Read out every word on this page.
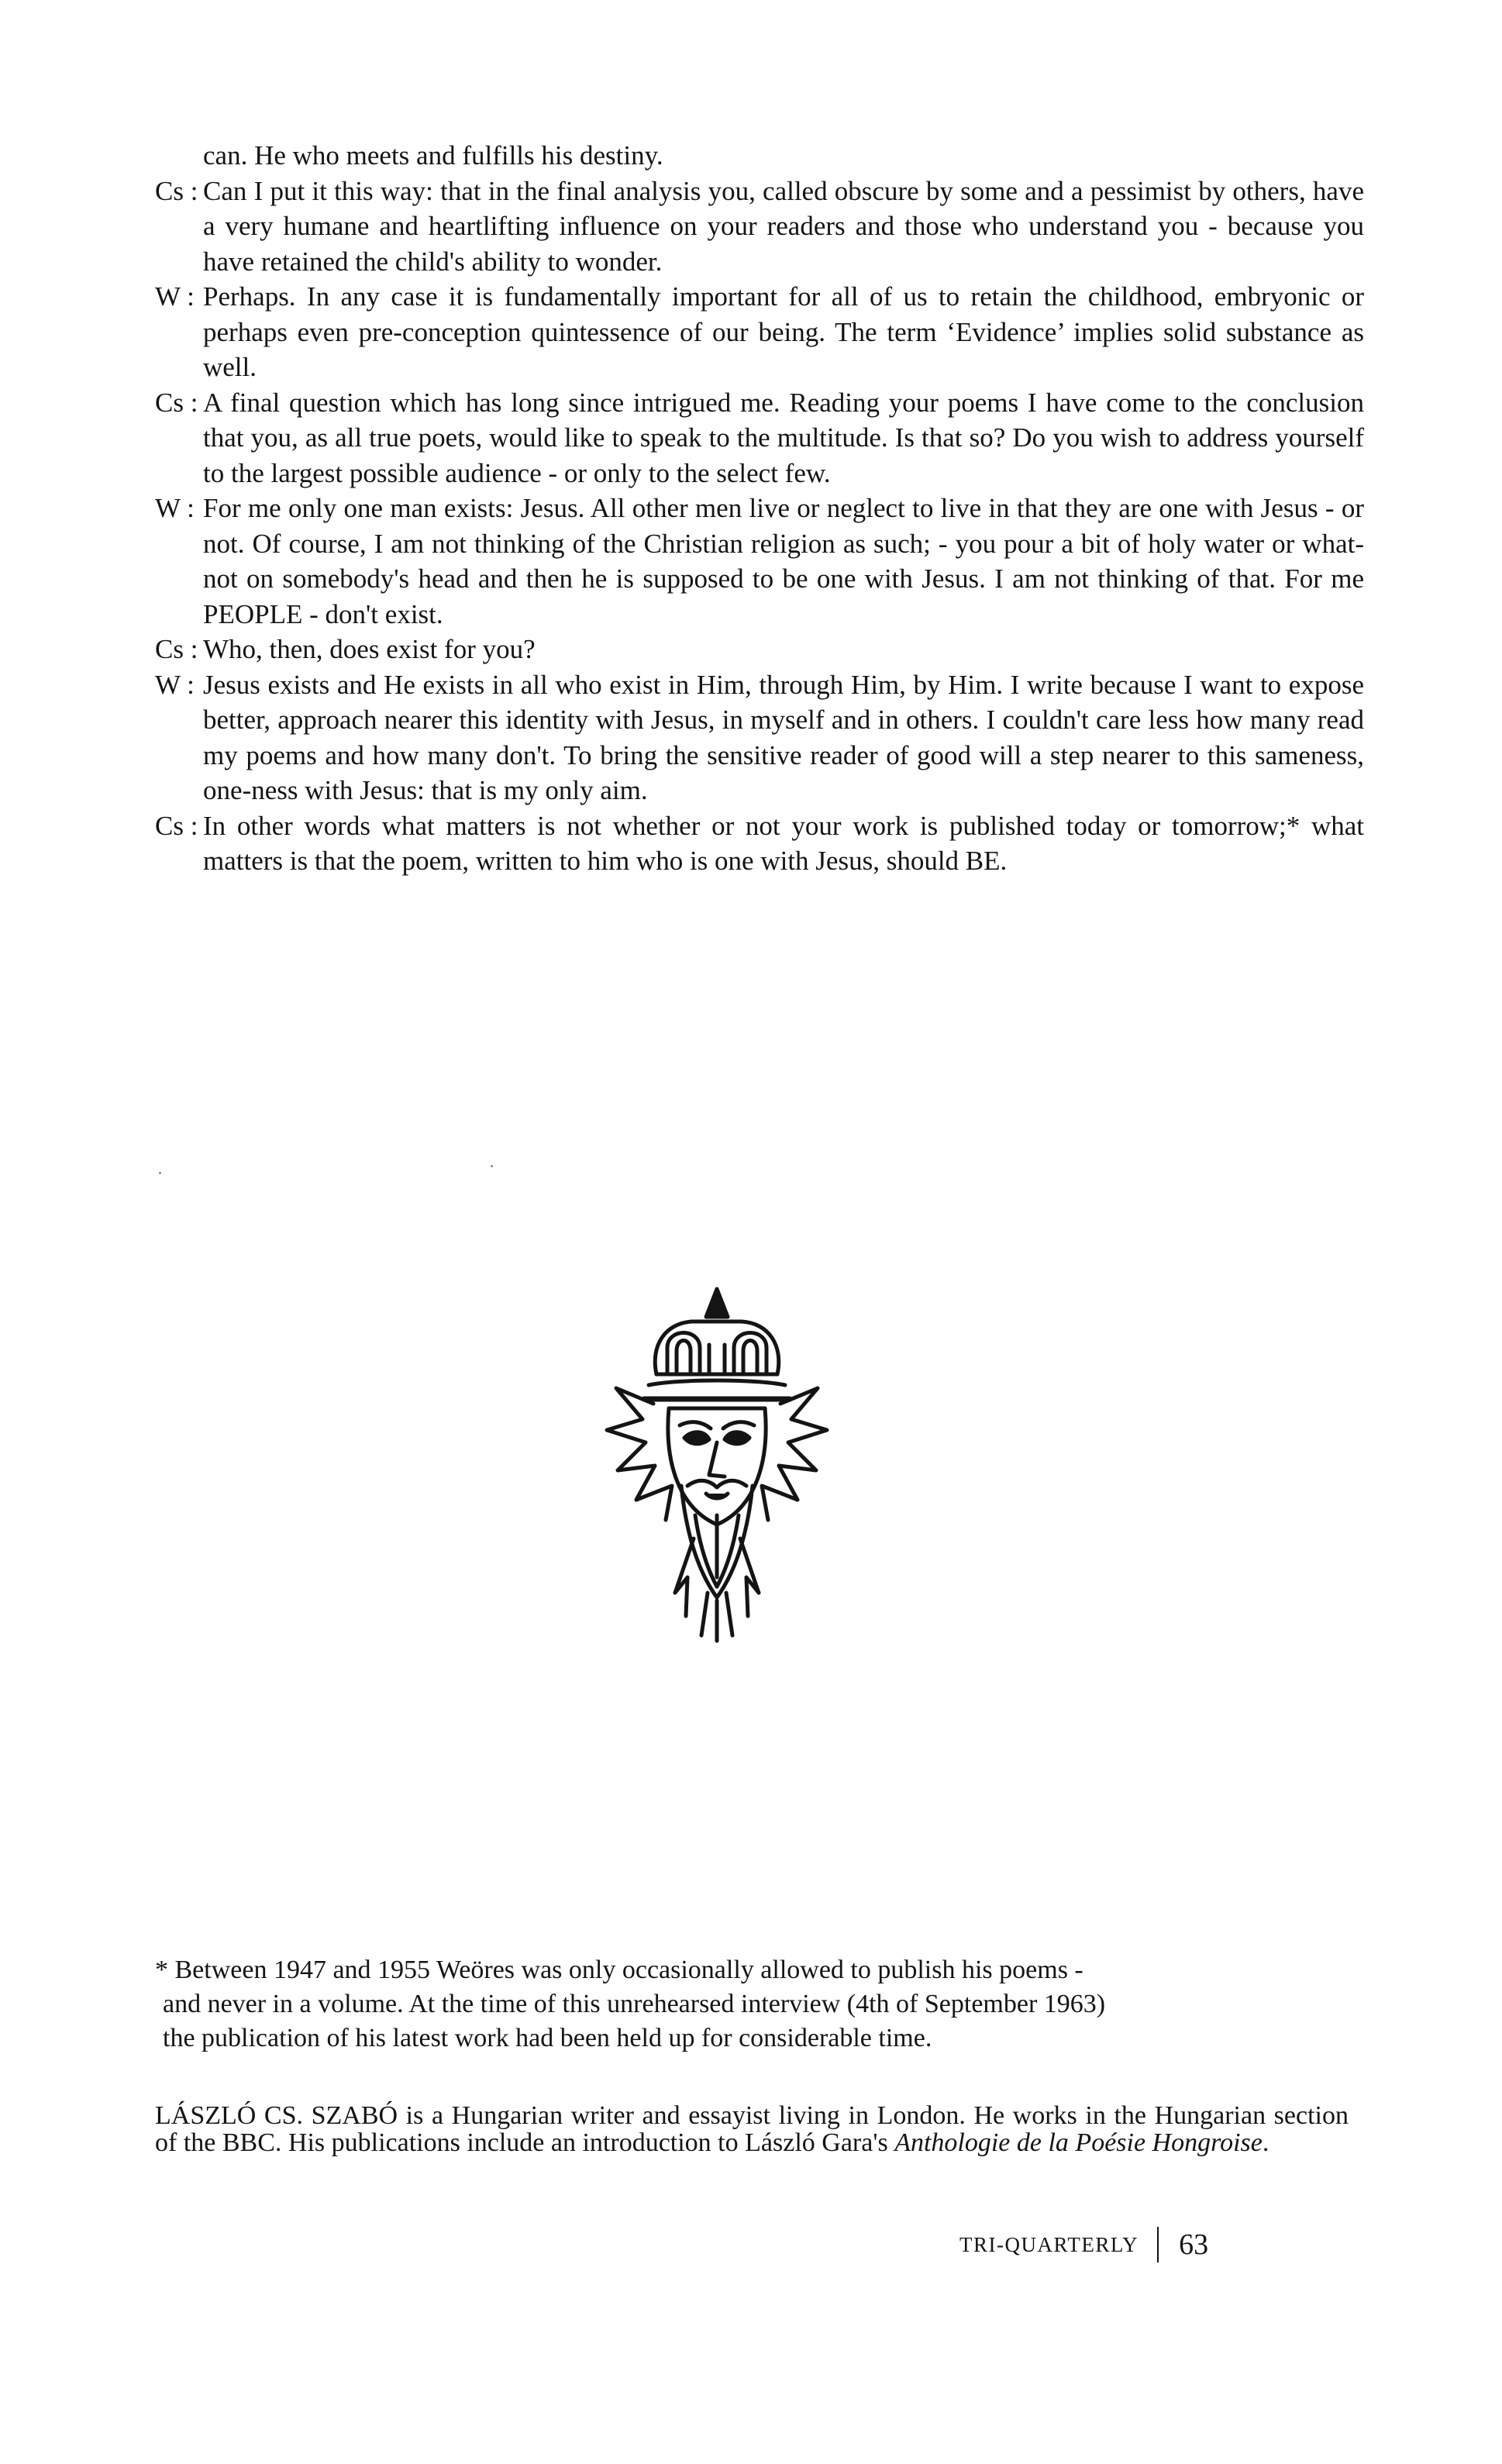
can. He who meets and fulfills his destiny.
Cs : Can I put it this way: that in the final analysis you, called obscure by some and a pessimist by others, have a very humane and heartlifting influence on your readers and those who understand you - because you have retained the child's ability to wonder.
W : Perhaps. In any case it is fundamentally important for all of us to retain the childhood, embryonic or perhaps even pre-conception quintessence of our being. The term ‘Evidence’ implies solid substance as well.
Cs : A final question which has long since intrigued me. Reading your poems I have come to the conclusion that you, as all true poets, would like to speak to the multitude. Is that so? Do you wish to address yourself to the largest possible audience - or only to the select few.
W : For me only one man exists: Jesus. All other men live or neglect to live in that they are one with Jesus - or not. Of course, I am not thinking of the Christian religion as such; - you pour a bit of holy water or what-not on somebody's head and then he is supposed to be one with Jesus. I am not thinking of that. For me PEOPLE - don't exist.
Cs : Who, then, does exist for you?
W : Jesus exists and He exists in all who exist in Him, through Him, by Him. I write because I want to expose better, approach nearer this identity with Jesus, in myself and in others. I couldn't care less how many read my poems and how many don't. To bring the sensitive reader of good will a step nearer to this sameness, one-ness with Jesus: that is my only aim.
Cs : In other words what matters is not whether or not your work is published today or tomorrow;* what matters is that the poem, written to him who is one with Jesus, should BE.
* Between 1947 and 1955 Weöres was only occasionally allowed to publish his poems -
and never in a volume. At the time of this unrehearsed interview (4th of September 1963)
the publication of his latest work had been held up for considerable time.
LÁSZLÓ CS. SZABÓ is a Hungarian writer and essayist living in London. He works in the Hungarian section of the BBC. His publications include an introduction to László Gara's Anthologie de la Poésie Hongroise.
TRI-QUARTERLY 63
